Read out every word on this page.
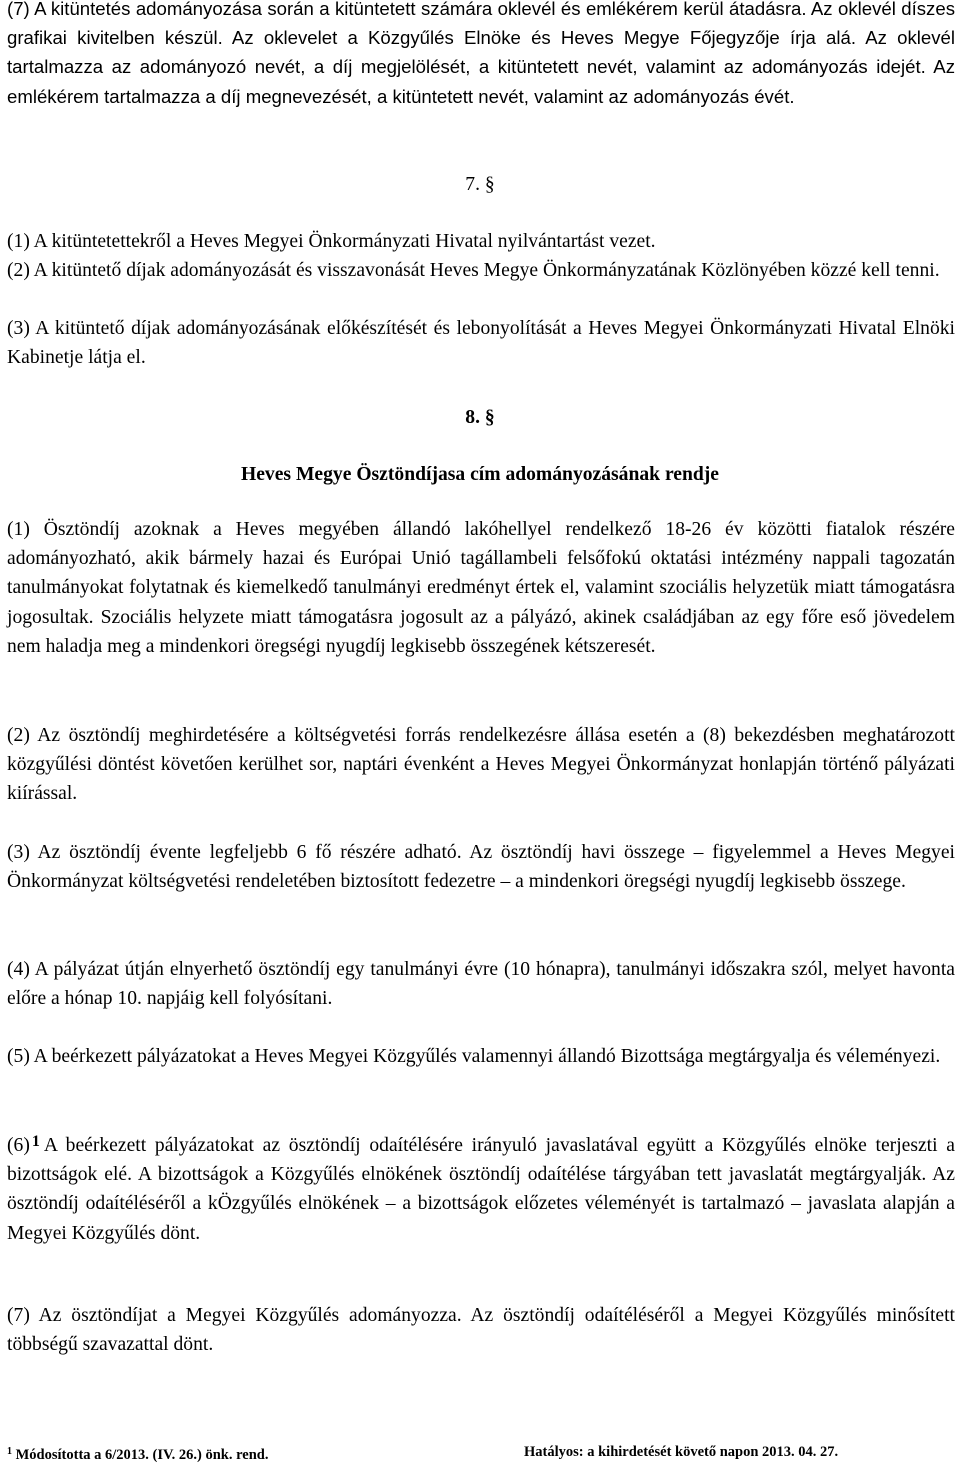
(7) A kitüntetés adományozása során a kitüntetett számára oklevél és emlékérem kerül átadásra. Az oklevél díszes grafikai kivitelben készül. Az oklevelet a Közgyűlés Elnöke és Heves Megye Főjegyzője írja alá. Az oklevél tartalmazza az adományozó nevét, a díj megjelölését, a kitüntetett nevét, valamint az adományozás idejét. Az emlékérem tartalmazza a díj megnevezését, a kitüntetett nevét, valamint az adományozás évét.

7. §

(1) A kitüntetettekről a Heves Megyei Önkormányzati Hivatal nyilvántartást vezet.

(2) A kitüntető díjak adományozását és visszavonását Heves Megye Önkormányzatának Közlönyében közzé kell tenni.

(3) A kitüntető díjak adományozásának előkészítését és lebonyolítását a Heves Megyei Önkormányzati Hivatal Elnöki Kabinetje látja el.

8. §

Heves Megye Ösztöndíjasa cím adományozásának rendje

(1) Ösztöndíj azoknak a Heves megyében állandó lakóhellyel rendelkező 18-26 év közötti fiatalok részére adományozható, akik bármely hazai és Európai Unió tagállambeli felsőfokú oktatási intézmény nappali tagozatán tanulmányokat folytatnak és kiemelkedő tanulmányi eredményt értek el, valamint szociális helyzetük miatt támogatásra jogosultak. Szociális helyzete miatt támogatásra jogosult az a pályázó, akinek családjában az egy főre eső jövedelem nem haladja meg a mindenkori öregségi nyugdíj legkisebb összegének kétszeresét.

(2) Az ösztöndíj meghirdetésére a költségvetési forrás rendelkezésre állása esetén a (8) bekezdésben meghatározott közgyűlési döntést követően kerülhet sor, naptári évenként a Heves Megyei Önkormányzat honlapján történő pályázati kiírással.

(3) Az ösztöndíj évente legfeljebb 6 fő részére adható. Az ösztöndíj havi összege – figyelemmel a Heves Megyei Önkormányzat költségvetési rendeletében biztosított fedezetre – a mindenkori öregségi nyugdíj legkisebb összege.

(4) A pályázat útján elnyerhető ösztöndíj egy tanulmányi évre (10 hónapra), tanulmányi időszakra szól, melyet havonta előre a hónap 10. napjáig kell folyósítani.

(5) A beérkezett pályázatokat a Heves Megyei Közgyűlés valamennyi állandó Bizottsága megtárgyalja és véleményezi.

(6) $^1$ A beérkezett pályázatokat az ösztöndíj odaítélésére irányuló javaslatával együtt a Közgyűlés elnöke terjeszti a bizottságok elé. A bizottságok a Közgyűlés elnökének ösztöndíj odaítélése tárgyában tett javaslatát megtárgyalják. Az ösztöndíj odaítéléséről a kÖzgyűlés elnökének – a bizottságok előzetes véleményét is tartalmazó – javaslata alapján a Megyei Közgyűlés dönt.

(7) Az ösztöndíjat a Megyei Közgyűlés adományozza. Az ösztöndíj odaítéléséről a Megyei Közgyűlés minősített többségű szavazattal dönt.

$^1$ Módosította a 6/2013. (IV. 26.) önk. rend.	Hatályos: a kihirdetését követő napon 2013. 04. 27.
